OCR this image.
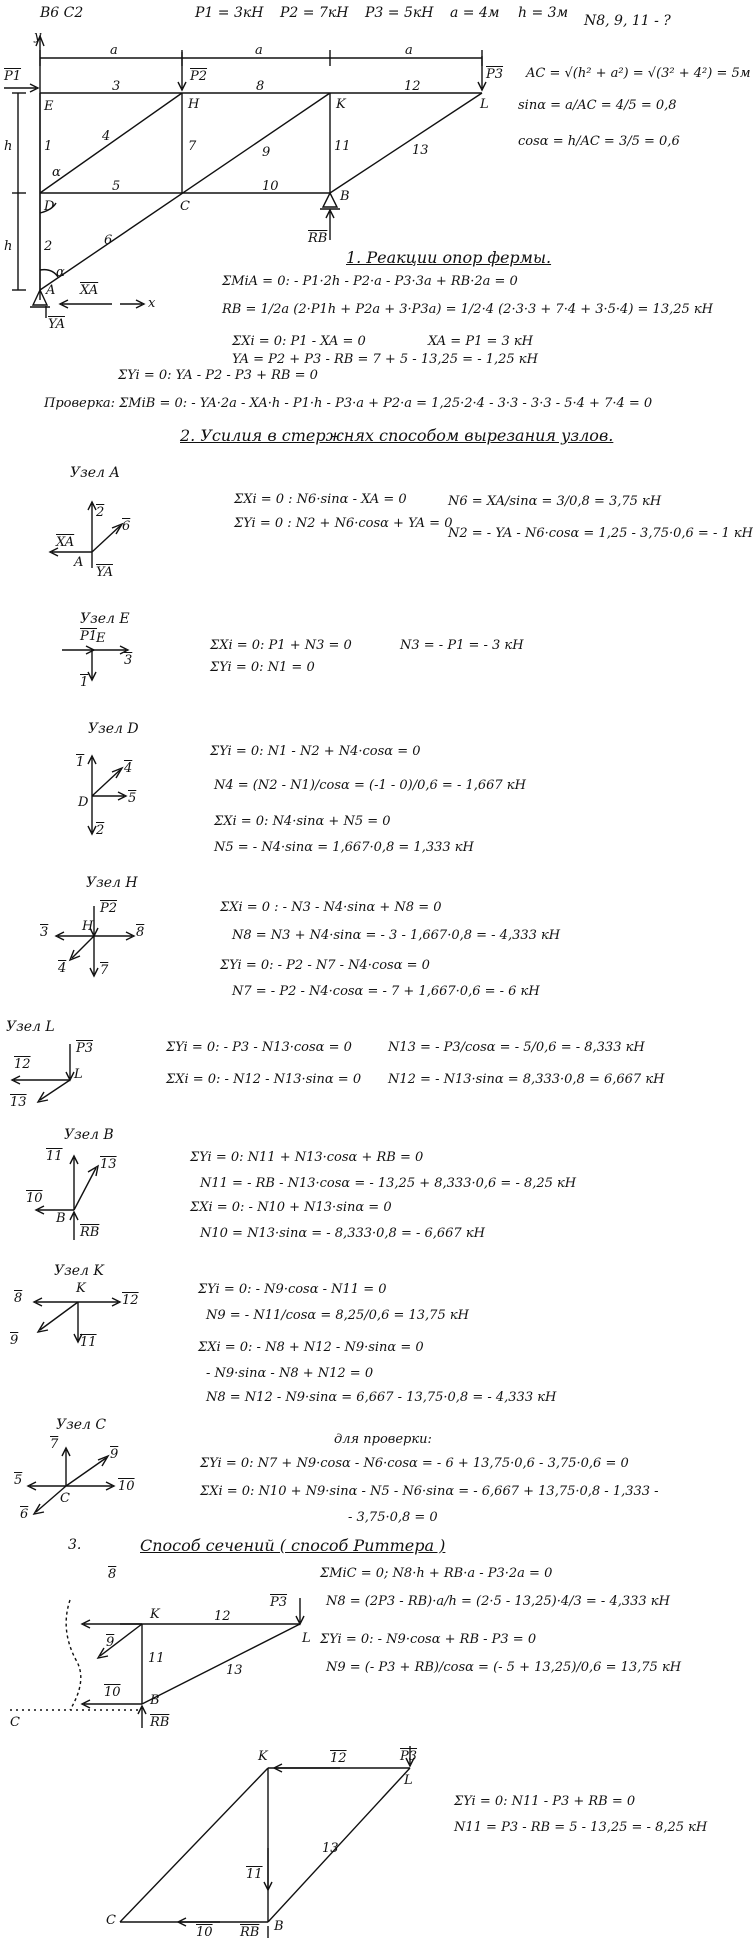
B6 C2	P1 = 3кН P2 = 7кН P3 = 5кН a = 4м h = 3м N8, 9, 11 - ?
AC = √(h² + a²) = √(3² + 4²) = 5м
sinα = a/AC = 4/5 = 0,8
cosα = h/AC = 3/5 = 0,6
y
x
a	a	a
h
h
P1	P2	P3
E	H	K	L
D	C
B
A
1
2
3
4
5
6
7
8
9
10
11
12
13
$\overline{XA}$
$\overline{YA}$
$\overline{RB}$
α
α
1. Реакции опор фермы.
ΣMiA = 0: - P1·2h - P2·a - P3·3a + RB·2a = 0
RB = 1/2a (2·P1h + P2a + 3·P3a) = 1/2·4 (2·3·3 + 7·4 + 3·5·4) = 13,25 кН
ΣXi = 0: P1 - XA = 0	XA = P1 = 3 кН
YA = P2 + P3 - RB = 7 + 5 - 13,25 = - 1,25 кН
ΣYi = 0: YA - P2 - P3 + RB = 0
Проверка: ΣMiB = 0: - YA·2a - XA·h - P1·h - P3·a + P2·a = 1,25·2·4 - 3·3 - 3·3 - 5·4 + 7·4 = 0
2. Усилия в стержнях способом вырезания узлов.
Узел А
2
6
$\overline{XA}$
$\overline{YA}$
A
ΣXi = 0 : N6·sinα - XA = 0
ΣYi = 0 : N2 + N6·cosα + YA = 0
N6 = XA/sinα = 3/0,8 = 3,75 кН
N2 = - YA - N6·cosα = 1,25 - 3,75·0,6 = - 1 кН
Узел E
P1
E
3
1
ΣXi = 0: P1 + N3 = 0
ΣYi = 0: N1 = 0
N3 = - P1 = - 3 кН
Узел D
1	4
5
2
D
ΣYi = 0: N1 - N2 + N4·cosα = 0
N4 = (N2 - N1)/cosα = (-1 - 0)/0,6 = - 1,667 кН
ΣXi = 0: N4·sinα + N5 = 0
N5 = - N4·sinα = 1,667·0,8 = 1,333 кН
Узел H
P2
3	H	8
4	7
ΣXi = 0 : - N3 - N4·sinα + N8 = 0
N8 = N3 + N4·sinα = - 3 - 1,667·0,8 = - 4,333 кН
ΣYi = 0: - P2 - N7 - N4·cosα = 0
N7 = - P2 - N4·cosα = - 7 + 1,667·0,6 = - 6 кН
Узел L
P3
12
L
13
ΣYi = 0: - P3 - N13·cosα = 0
ΣXi = 0: - N12 - N13·sinα = 0
N13 = - P3/cosα = - 5/0,6 = - 8,333 кН
N12 = - N13·sinα = 8,333·0,8 = 6,667 кН
Узел B
11
13
10
B
$\overline{RB}$
ΣYi = 0: N11 + N13·cosα + RB = 0
N11 = - RB - N13·cosα = - 13,25 + 8,333·0,6 = - 8,25 кН
ΣXi = 0: - N10 + N13·sinα = 0
N10 = N13·sinα = - 8,333·0,8 = - 6,667 кН
Узел K
8
K
12
9	11
ΣYi = 0: - N9·cosα - N11 = 0
N9 = - N11/cosα = 8,25/0,6 = 13,75 кН
ΣXi = 0: - N8 + N12 - N9·sinα = 0
- N9·sinα - N8 + N12 = 0
N8 = N12 - N9·sinα = 6,667 - 13,75·0,8 = - 4,333 кН
Узел C
7
9
5	10
6
C
для проверки:
ΣYi = 0: N7 + N9·cosα - N6·cosα = - 6 + 13,75·0,6 - 3,75·0,6 = 0
ΣXi = 0: N10 + N9·sinα - N5 - N6·sinα = - 6,667 + 13,75·0,8 - 1,333 -
- 3,75·0,8 = 0
3.	Способ сечений ( способ Риттера )
8
K
P3
12
9
11
13
L
10
B
$\overline{RB}$
C
ΣMiC = 0; N8·h + RB·a - P3·2a = 0
N8 = (2P3 - RB)·a/h = (2·5 - 13,25)·4/3 = - 4,333 кН
ΣYi = 0: - N9·cosα + RB - P3 = 0
N9 = (- P3 + RB)/cosα = (- 5 + 13,25)/0,6 = 13,75 кН
K	12	P3
L
13
11
C
10	B
$\overline{RB}$
ΣYi = 0: N11 - P3 + RB = 0
N11 = P3 - RB = 5 - 13,25 = - 8,25 кН
